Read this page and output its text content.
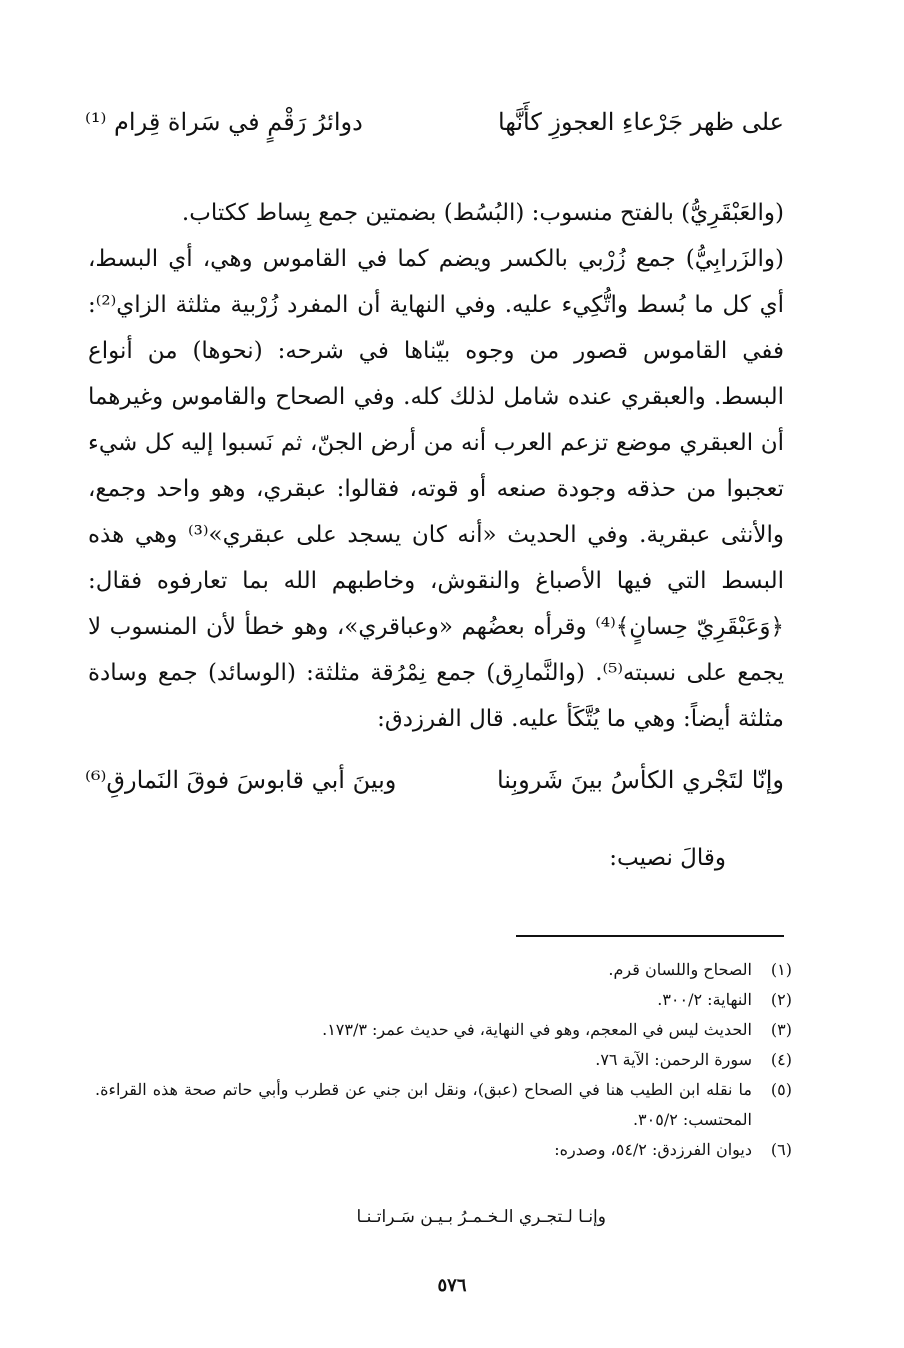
على ظهر جَرْعاءِ العجوزِ كأَنَّها
دوائرُ رَقْمٍ في سَراة قِرام ⁽¹⁾

(والعَبْقَرِيُّ) بالفتح منسوب: (البُسُط) بضمتين جمع بِساط ككتاب.

(والزَرابِيُّ) جمع زُرْبي بالكسر ويضم كما في القاموس وهي، أي البسط، أي كل ما بُسط واتُّكِيء عليه. وفي النهاية أن المفرد زُرْبية مثلثة الزاي⁽²⁾: ففي القاموس قصور من وجوه بيّناها في شرحه: (نحوها) من أنواع البسط. والعبقري عنده شامل لذلك كله. وفي الصحاح والقاموس وغيرهما أن العبقري موضع تزعم العرب أنه من أرض الجنّ، ثم نَسبوا إليه كل شيء تعجبوا من حذقه وجودة صنعه أو قوته، فقالوا: عبقري، وهو واحد وجمع، والأنثى عبقرية. وفي الحديث «أنه كان يسجد على عبقري»⁽³⁾ وهي هذه البسط التي فيها الأصباغ والنقوش، وخاطبهم الله بما تعارفوه فقال: ﴿وَعَبْقَرِيّ حِسانٍ﴾⁽⁴⁾ وقرأه بعضُهم «وعباقري»، وهو خطأ لأن المنسوب لا يجمع على نسبته⁽⁵⁾. (والنَّمارِق) جمع نِمْرُقة مثلثة: (الوسائد) جمع وسادة مثلثة أيضاً: وهي ما يُتَّكَأ عليه. قال الفرزدق:

وإنّا لتَجْري الكأسُ بينَ شَروبِنا
وبينَ أبي قابوسَ فوقَ النَمارقِ⁽⁶⁾
وقالَ نصيب:
(١)
الصحاح واللسان قرم.
(٢)
النهاية: ٣٠٠/٢.
(٣)
الحديث ليس في المعجم، وهو في النهاية، في حديث عمر: ١٧٣/٣.
(٤)
سورة الرحمن: الآية ٧٦.
(٥)
ما نقله ابن الطيب هنا في الصحاح (عبق)، ونقل ابن جني عن قطرب وأبي حاتم صحة هذه القراءة. المحتسب: ٣٠٥/٢.
(٦)
ديوان الفرزدق: ٥٤/٢، وصدره:
وإنـا لـتجـري الـخـمـرُ بـيـن سَـراتـنـا
٥٧٦
